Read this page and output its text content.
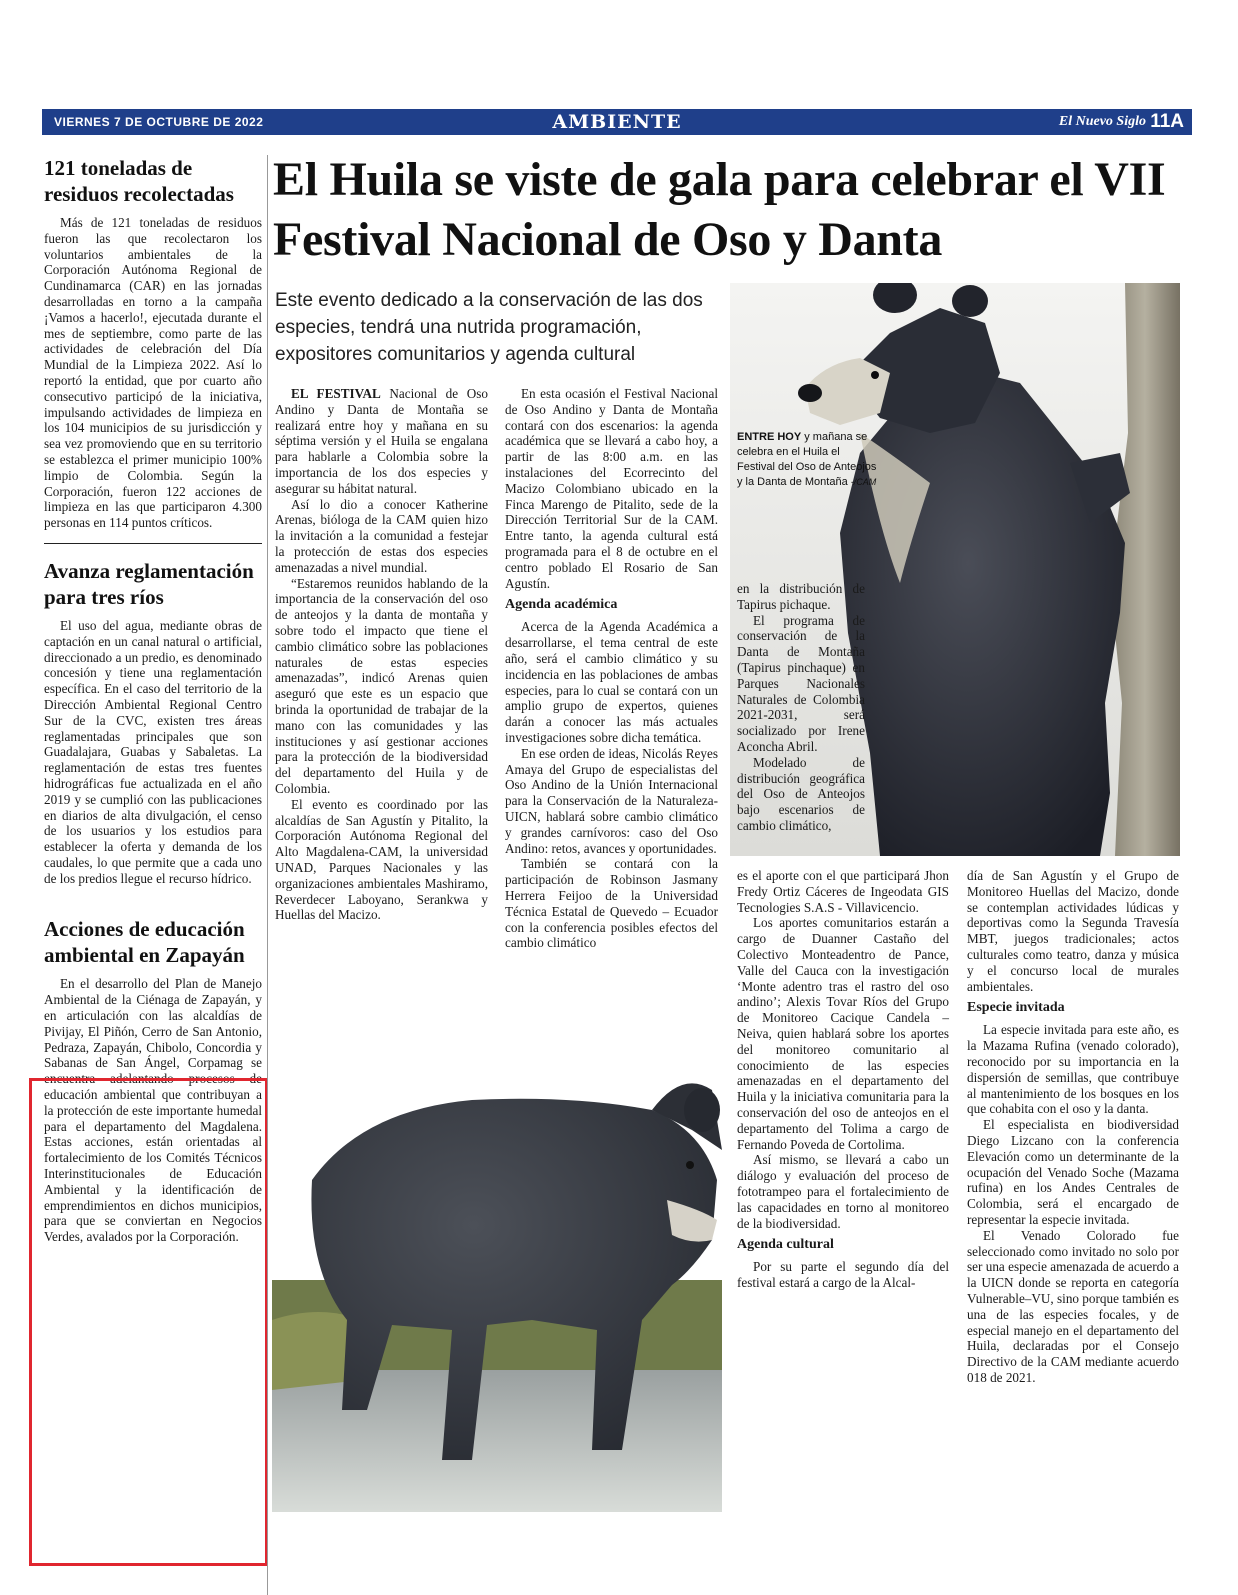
VIERNES 7 DE OCTUBRE DE 2022	AMBIENTE	El Nuevo Siglo 11A
121 toneladas de residuos recolectadas

Más de 121 toneladas de residuos fueron las que recolectaron los voluntarios ambientales de la Corporación Autónoma Regional de Cundinamarca (CAR) en las jornadas desarrolladas en torno a la campaña ¡Vamos a hacerlo!, ejecutada durante el mes de septiembre, como parte de las actividades de celebración del Día Mundial de la Limpieza 2022. Así lo reportó la entidad, que por cuarto año consecutivo participó de la iniciativa, impulsando actividades de limpieza en los 104 municipios de su jurisdicción y sea vez promoviendo que en su territorio se establezca el primer municipio 100% limpio de Colombia. Según la Corporación, fueron 122 acciones de limpieza en las que participaron 4.300 personas en 114 puntos críticos.

Avanza reglamentación para tres ríos

El uso del agua, mediante obras de captación en un canal natural o artificial, direccionado a un predio, es denominado concesión y tiene una reglamentación específica. En el caso del territorio de la Dirección Ambiental Regional Centro Sur de la CVC, existen tres áreas reglamentadas principales que son Guadalajara, Guabas y Sabaletas. La reglamentación de estas tres fuentes hidrográficas fue actualizada en el año 2019 y se cumplió con las publicaciones en diarios de alta divulgación, el censo de los usuarios y los estudios para establecer la oferta y demanda de los caudales, lo que permite que a cada uno de los predios llegue el recurso hídrico.

Acciones de educación ambiental en Zapayán

En el desarrollo del Plan de Manejo Ambiental de la Ciénaga de Zapayán, y en articulación con las alcaldías de Pivijay, El Piñón, Cerro de San Antonio, Pedraza, Zapayán, Chibolo, Concordia y Sabanas de San Ángel, Corpamag se encuentra adelantando procesos de educación ambiental que contribuyan a la protección de este importante humedal para el departamento del Magdalena. Estas acciones, están orientadas al fortalecimiento de los Comités Técnicos Interinstitucionales de Educación Ambiental y la identificación de emprendimientos en dichos municipios, para que se conviertan en Negocios Verdes, avalados por la Corporación.

El Huila se viste de gala para celebrar el VII Festival Nacional de Oso y Danta
Este evento dedicado a la conservación de las dos especies, tendrá una nutrida programación, expositores comunitarios y agenda cultural
ENTRE HOY y mañana se celebra en el Huila el Festival del Oso de Anteojos y la Danta de Montaña -/CAM

EL FESTIVAL Nacional de Oso Andino y Danta de Montaña se realizará entre hoy y mañana en su séptima versión y el Huila se engalana para hablarle a Colombia sobre la importancia de los dos especies y asegurar su hábitat natural.

Así lo dio a conocer Katherine Arenas, bióloga de la CAM quien hizo la invitación a la comunidad a festejar la protección de estas dos especies amenazadas a nivel mundial.

“Estaremos reunidos hablando de la importancia de la conservación del oso de anteojos y la danta de montaña y sobre todo el impacto que tiene el cambio climático sobre las poblaciones naturales de estas especies amenazadas”, indicó Arenas quien aseguró que este es un espacio que brinda la oportunidad de trabajar de la mano con las comunidades y las instituciones y así gestionar acciones para la protección de la biodiversidad del departamento del Huila y de Colombia.

El evento es coordinado por las alcaldías de San Agustín y Pitalito, la Corporación Autónoma Regional del Alto Magdalena-CAM, la universidad UNAD, Parques Nacionales y las organizaciones ambientales Mashiramo, Reverdecer Laboyano, Serankwa y Huellas del Macizo.

En esta ocasión el Festival Nacional de Oso Andino y Danta de Montaña contará con dos escenarios: la agenda académica que se llevará a cabo hoy, a partir de las 8:00 a.m. en las instalaciones del Ecorrecinto del Macizo Colombiano ubicado en la Finca Marengo de Pitalito, sede de la Dirección Territorial Sur de la CAM. Entre tanto, la agenda cultural está programada para el 8 de octubre en el centro poblado El Rosario de San Agustín.

Agenda académica

Acerca de la Agenda Académica a desarrollarse, el tema central de este año, será el cambio climático y su incidencia en las poblaciones de ambas especies, para lo cual se contará con un amplio grupo de expertos, quienes darán a conocer las más actuales investigaciones sobre dicha temática.

En ese orden de ideas, Nicolás Reyes Amaya del Grupo de especialistas del Oso Andino de la Unión Internacional para la Conservación de la Naturaleza-UICN, hablará sobre cambio climático y grandes carnívoros: caso del Oso Andino: retos, avances y oportunidades.

También se contará con la participación de Robinson Jasmany Herrera Feijoo de la Universidad Técnica Estatal de Quevedo – Ecuador con la conferencia posibles efectos del cambio climático

en la distribución de Tapirus pichaque.

El programa de conservación de la Danta de Montaña (Tapirus pinchaque) en Parques Nacionales Naturales de Colombia 2021-2031, será socializado por Irene Aconcha Abril.

Modelado de distribución geográfica del Oso de Anteojos bajo escenarios de cambio climático,

es el aporte con el que participará Jhon Fredy Ortiz Cáceres de Ingeodata GIS Tecnologies S.A.S - Villavicencio.

Los aportes comunitarios estarán a cargo de Duanner Castaño del Colectivo Monteadentro de Pance, Valle del Cauca con la investigación ‘Monte adentro tras el rastro del oso andino’; Alexis Tovar Ríos del Grupo de Monitoreo Cacique Candela – Neiva, quien hablará sobre los aportes del monitoreo comunitario al conocimiento de las especies amenazadas en el departamento del Huila y la iniciativa comunitaria para la conservación del oso de anteojos en el departamento del Tolima a cargo de Fernando Poveda de Cortolima.

Así mismo, se llevará a cabo un diálogo y evaluación del proceso de fototrampeo para el fortalecimiento de las capacidades en torno al monitoreo de la biodiversidad.

Agenda cultural

Por su parte el segundo día del festival estará a cargo de la Alcal-

día de San Agustín y el Grupo de Monitoreo Huellas del Macizo, donde se contemplan actividades lúdicas y deportivas como la Segunda Travesía MBT, juegos tradicionales; actos culturales como teatro, danza y música y el concurso local de murales ambientales.

Especie invitada

La especie invitada para este año, es la Mazama Rufina (venado colorado), reconocido por su importancia en la dispersión de semillas, que contribuye al mantenimiento de los bosques en los que cohabita con el oso y la danta.

El especialista en biodiversidad Diego Lizcano con la conferencia Elevación como un determinante de la ocupación del Venado Soche (Mazama rufina) en los Andes Centrales de Colombia, será el encargado de representar la especie invitada.

El Venado Colorado fue seleccionado como invitado no solo por ser una especie amenazada de acuerdo a la UICN donde se reporta en categoría Vulnerable–VU, sino porque también es una de las especies focales, y de especial manejo en el departamento del Huila, declaradas por el Consejo Directivo de la CAM mediante acuerdo 018 de 2021.
